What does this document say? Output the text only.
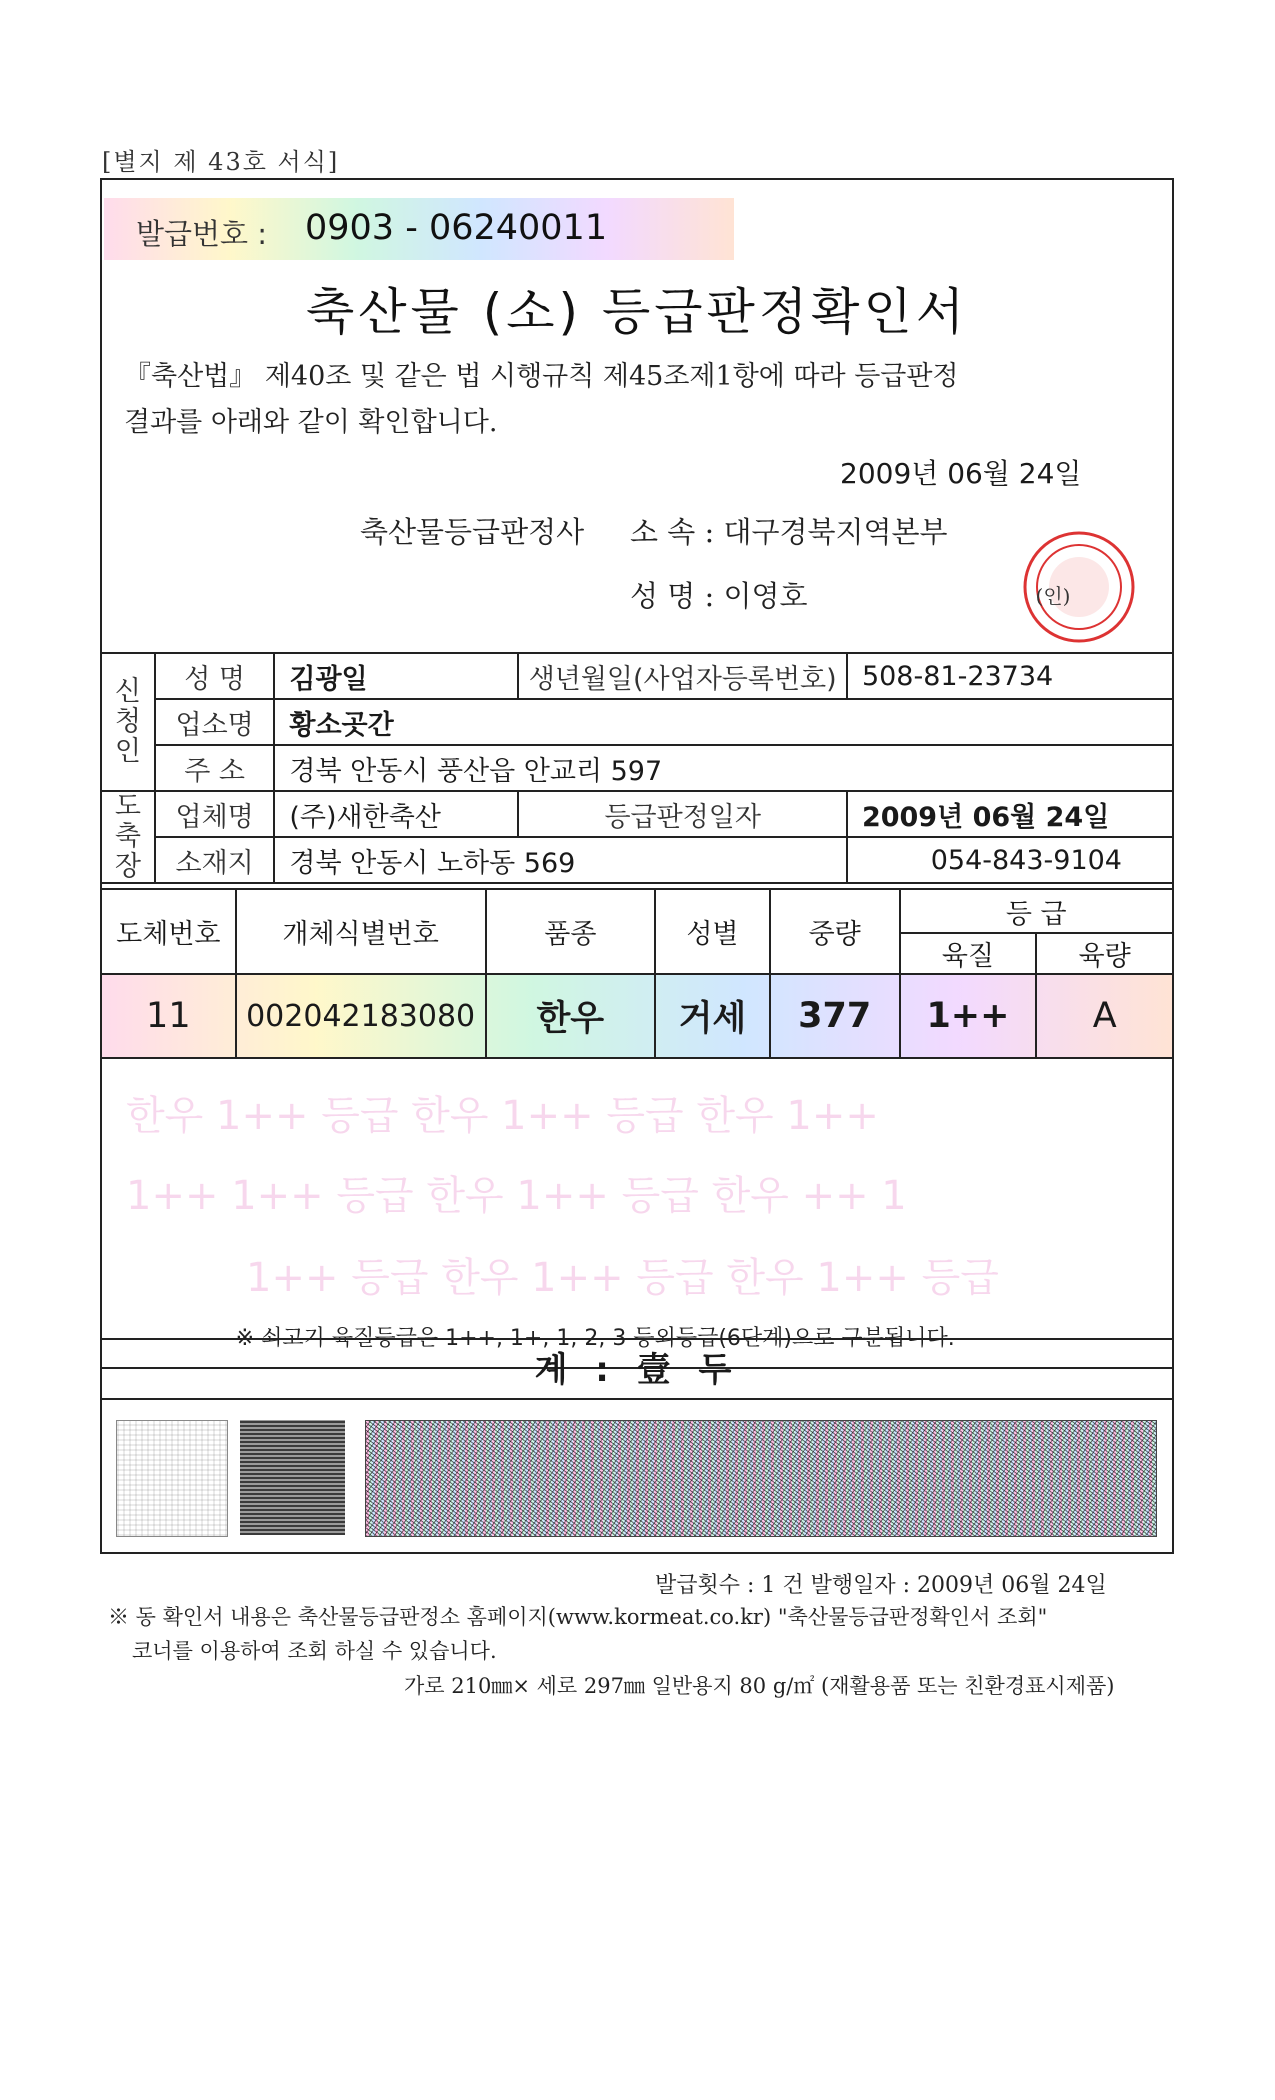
[별지 제 43호 서식]
발급번호 : 0903 - 06240011
축산물 (소) 등급판정확인서
『축산법』 제40조 및 같은 법 시행규칙 제45조제1항에 따라 등급판정
결과를 아래와 같이 확인합니다.
2009년 06월 24일
축산물등급판정사 소 속 : 대구경북지역본부
성 명 : 이영호	(인)
신
청
인	성 명	김광일	생년월일(사업자등록번호)	508-81-23734
	업소명	황소곳간		
	주 소	경북 안동시 풍산읍 안교리 597		
도
축
장	업체명	(주)새한축산	등급판정일자	2009년 06월 24일
	소재지	경북 안동시 노하동 569		054-843-9104
도체번호	개체식별번호	품종	성별	중량	등 급	
					육질	육량
11	002042183080	한우	거세	377	1++	A

한우 1++ 등급 한우 1++ 등급 한우 1++
1++ 1++ 등급 한우 1++ 등급 한우 ++ 1
1++ 등급 한우 1++ 등급 한우 1++ 등급
※ 쇠고기 육질등급은 1++, 1+, 1, 2, 3 등외등급(6단계)으로 구분됩니다.					
계 : 壹 두
발급횟수 : 1 건 발행일자 : 2009년 06월 24일
※ 동 확인서 내용은 축산물등급판정소 홈페이지(www.kormeat.co.kr) "축산물등급판정확인서 조회"
코너를 이용하여 조회 하실 수 있습니다.
가로 210㎜× 세로 297㎜ 일반용지 80 g/㎡ (재활용품 또는 친환경표시제품)
